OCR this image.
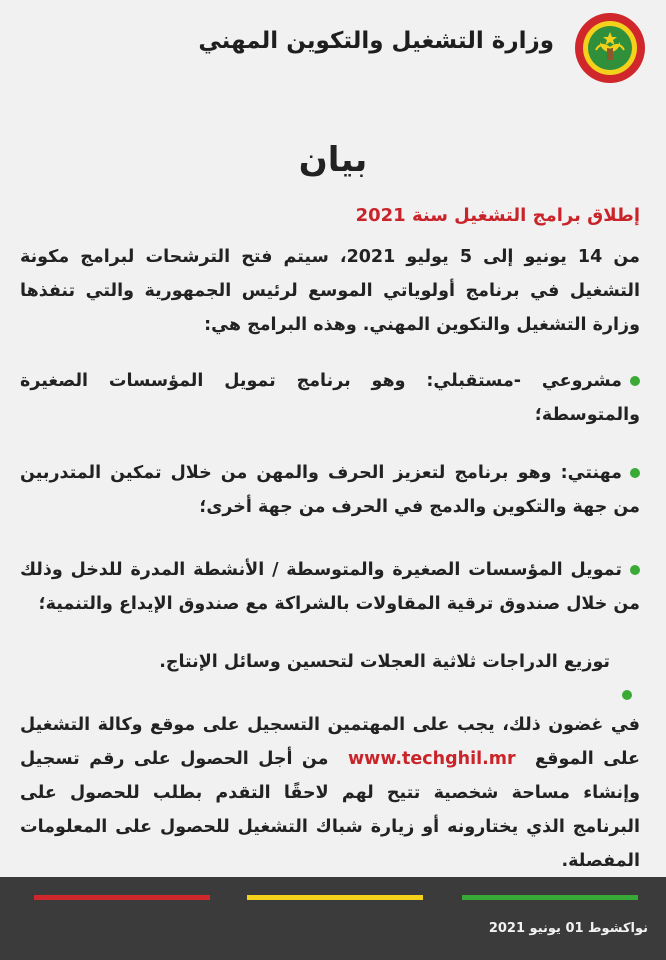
وزارة التشغيل والتكوين المهني
بيان
إطلاق برامج التشغيل سنة 2021
من 14 يونيو إلى 5 يوليو 2021، سيتم فتح الترشحات لبرامج مكونة التشغيل في برنامج أولوياتي الموسع لرئيس الجمهورية والتي تنفذها وزارة التشغيل والتكوين المهني. وهذه البرامج هي:
مشروعي -مستقبلي: وهو برنامج تمويل المؤسسات الصغيرة والمتوسطة؛
مهنتي: وهو برنامج لتعزيز الحرف والمهن من خلال تمكين المتدربين من جهة والتكوين والدمج في الحرف من جهة أخرى؛
تمويل المؤسسات الصغيرة والمتوسطة / الأنشطة المدرة للدخل وذلك من خلال صندوق ترقية المقاولات بالشراكة مع صندوق الإيداع والتنمية؛
توزيع الدراجات ثلاثية العجلات لتحسين وسائل الإنتاج.
في غضون ذلك، يجب على المهتمين التسجيل على موقع وكالة التشغيل على الموقع www.techghil.mr من أجل الحصول على رقم تسجيل وإنشاء مساحة شخصية تتيح لهم لاحقًا التقدم بطلب للحصول على البرنامج الذي يختارونه أو زيارة شباك التشغيل للحصول على المعلومات المفصلة.
نواكشوط 01 يونيو 2021
